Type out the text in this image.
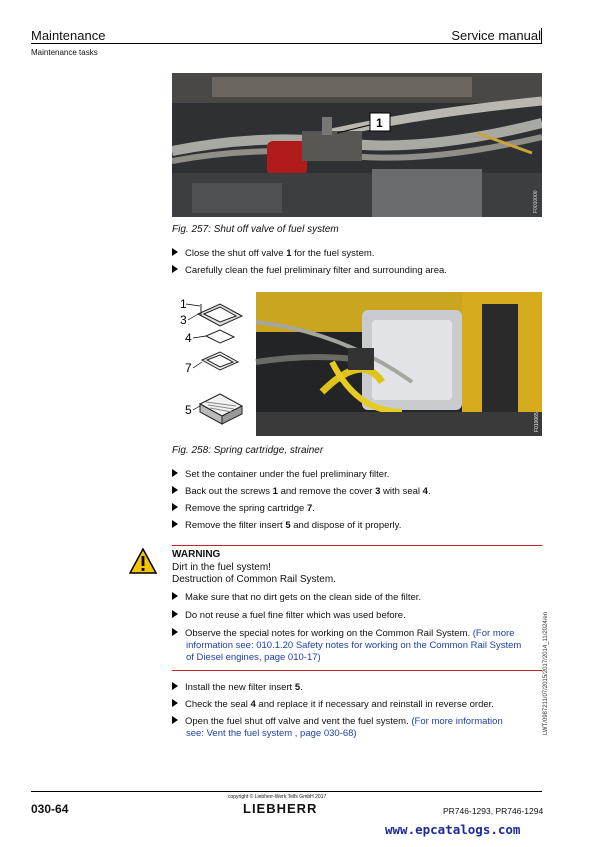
Maintenance	Service manual
Maintenance tasks
1
F0010000
Fig. 257: Shut off valve of fuel system
Close the shut off valve 1 for the fuel system.
Carefully clean the fuel preliminary filter and surrounding area.
1
3
4
7
5
F010065
Fig. 258: Spring cartridge, strainer
Set the container under the fuel preliminary filter.
Back out the screws 1 and remove the cover 3 with seal 4.
Remove the spring cartridge 7.
Remove the filter insert 5 and dispose of it properly.
WARNING
Dirt in the fuel system!
Destruction of Common Rail System.
Make sure that no dirt gets on the clean side of the filter.
Do not reuse a fuel fine filter which was used before.
Observe the special notes for working on the Common Rail System. (For more
information see: 010.1.20 Safety notes for working on the Common Rail System
of Diesel engines, page 010-17)
Install the new filter insert 5.
Check the seal 4 and replace it if necessary and reinstall in reverse order.
Open the fuel shut off valve and vent the fuel system. (For more information
see: Vent the fuel system , page 030-68)	LWT/0987211/07/2015/2017/2014_11/2024/en
030-64
copyright © Liebherr-Werk Telfs GmbH 2017
LIEBHERR	PR746-1293, PR746-1294
www.epcatalogs.com
